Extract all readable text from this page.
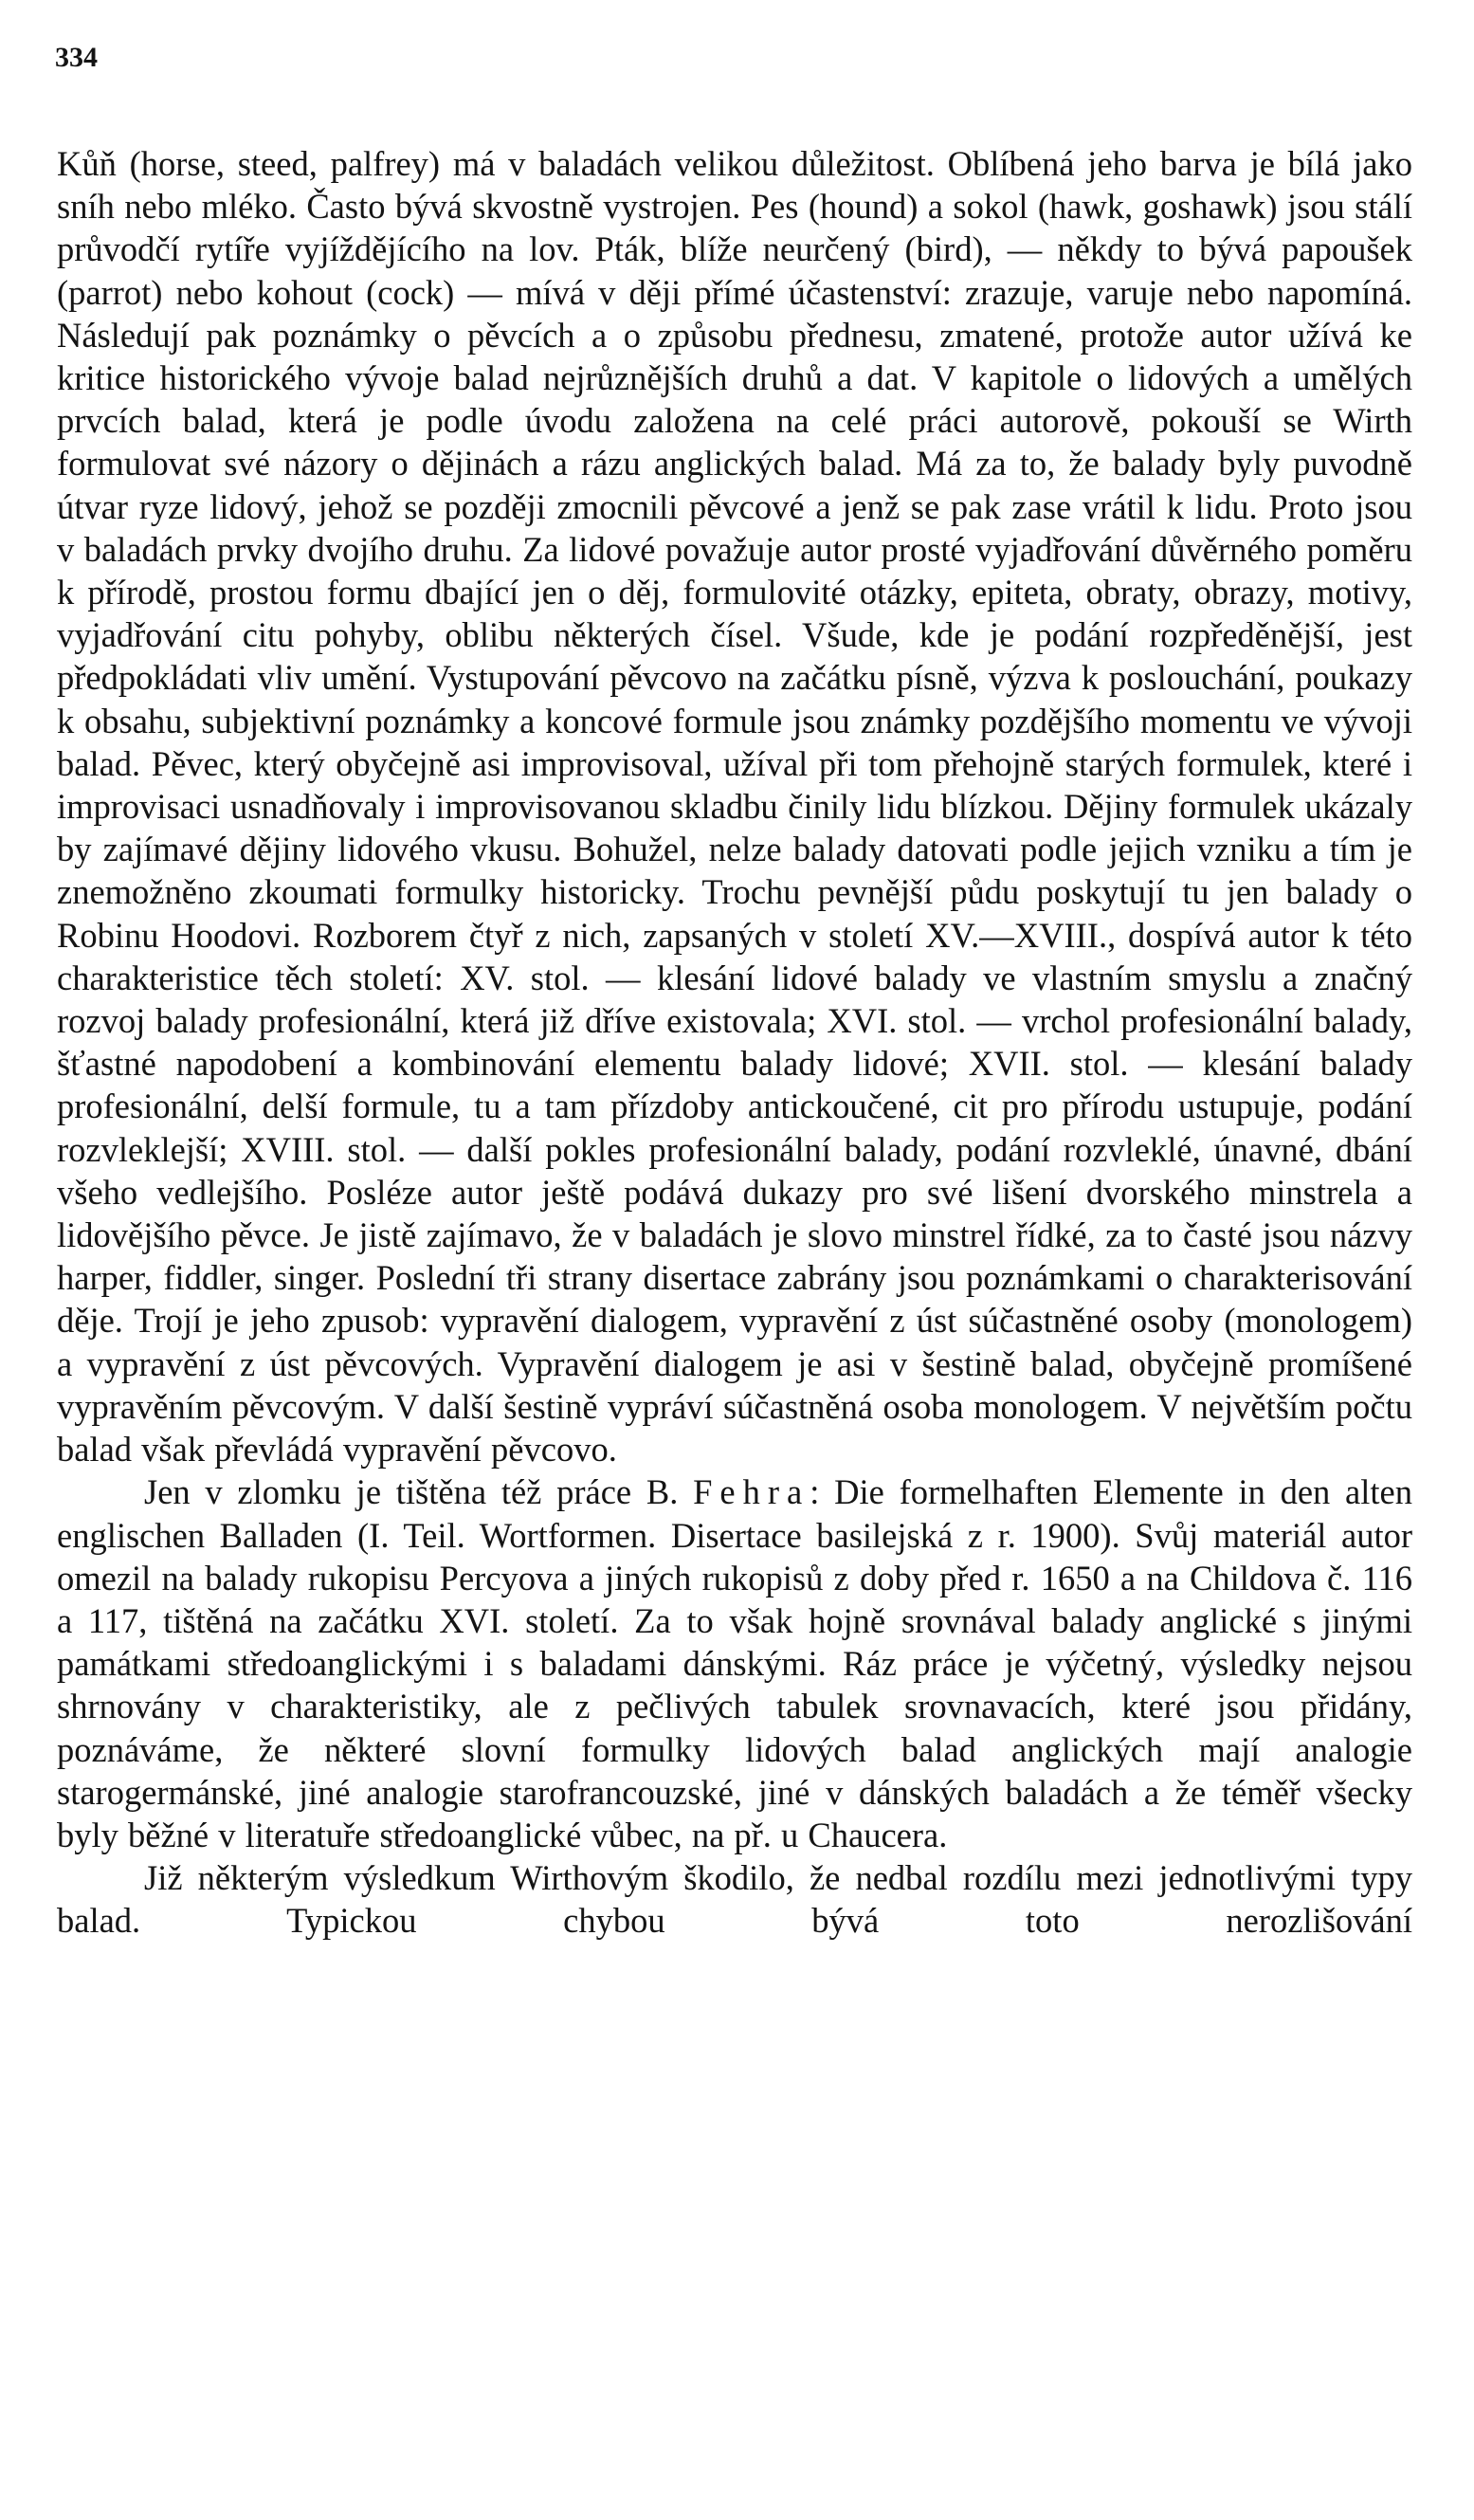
334

Kůň (horse, steed, palfrey) má v baladách velikou důležitost. Oblíbená jeho barva je bílá jako sníh nebo mléko. Často bývá skvostně vystrojen. Pes (hound) a sokol (hawk, goshawk) jsou stálí průvodčí rytíře vyjíždějícího na lov. Pták, blíže neurčený (bird), — někdy to bývá papoušek (parrot) nebo kohout (cock) — mívá v ději přímé účastenství: zrazuje, varuje nebo napomíná. Následují pak poznámky o pěvcích a o způsobu přednesu, zmatené, protože autor užívá ke kritice historického vývoje balad nejrůznějších druhů a dat. V kapitole o lidových a umělých prvcích balad, která je podle úvodu založena na celé práci autorově, pokouší se Wirth formulovat své názory o dějinách a rázu anglických balad. Má za to, že balady byly puvodně útvar ryze lidový, jehož se později zmocnili pěvcové a jenž se pak zase vrátil k lidu. Proto jsou v baladách prvky dvojího druhu. Za lidové považuje autor prosté vyjadřování důvěrného poměru k přírodě, prostou formu dbající jen o děj, formulovité otázky, epiteta, obraty, obrazy, motivy, vyjadřování citu pohyby, oblibu některých čísel. Všude, kde je podání rozpředěnější, jest předpokládati vliv umění. Vystupování pěvcovo na začátku písně, výzva k poslouchání, poukazy k obsahu, subjektivní poznámky a koncové formule jsou známky pozdějšího momentu ve vývoji balad. Pěvec, který obyčejně asi improvisoval, užíval při tom přehojně starých formulek, které i improvisaci usnadňovaly i improvisovanou skladbu činily lidu blízkou. Dějiny formulek ukázaly by zajímavé dějiny lidového vkusu. Bohužel, nelze balady datovati podle jejich vzniku a tím je znemožněno zkoumati formulky historicky. Trochu pevnější půdu poskytují tu jen balady o Robinu Hoodovi. Rozborem čtyř z nich, zapsaných v století XV.—XVIII., dospívá autor k této charakteristice těch století: XV. stol. — klesání lidové balady ve vlastním smyslu a značný rozvoj balady profesionální, která již dříve existovala; XVI. stol. — vrchol profesionální balady, šťastné napodobení a kombinování elementu balady lidové; XVII. stol. — klesání balady profesionální, delší formule, tu a tam přízdoby antickoučené, cit pro přírodu ustupuje, podání rozvleklejší; XVIII. stol. — další pokles profesionální balady, podání rozvleklé, únavné, dbání všeho vedlejšího. Posléze autor ještě podává dukazy pro své lišení dvorského minstrela a lidovějšího pěvce. Je jistě zajímavo, že v baladách je slovo minstrel řídké, za to časté jsou názvy harper, fiddler, singer. Poslední tři strany disertace zabrány jsou poznámkami o charakterisování děje. Trojí je jeho zpusob: vypravění dialogem, vypravění z úst súčastněné osoby (monologem) a vypravění z úst pěvcových. Vypravění dialogem je asi v šestině balad, obyčejně promíšené vypravěním pěvcovým. V další šestině vypráví súčastněná osoba monologem. V největším počtu balad však převládá vypravění pěvcovo.

Jen v zlomku je tištěna též práce B. Fehra: Die formelhaften Elemente in den alten englischen Balladen (I. Teil. Wortformen. Disertace basilejská z r. 1900). Svůj materiál autor omezil na balady rukopisu Percyova a jiných rukopisů z doby před r. 1650 a na Childova č. 116 a 117, tištěná na začátku XVI. století. Za to však hojně srovnával balady anglické s jinými památkami středoanglickými i s baladami dánskými. Ráz práce je výčetný, výsledky nejsou shrnovány v charakteristiky, ale z pečlivých tabulek srovnavacích, které jsou přidány, poznáváme, že některé slovní formulky lidových balad anglických mají analogie starogermánské, jiné analogie starofrancouzské, jiné v dánských baladách a že téměř všecky byly běžné v literatuře středoanglické vůbec, na př. u Chaucera.

Již některým výsledkum Wirthovým škodilo, že nedbal rozdílu mezi jednotlivými typy balad. Typickou chybou bývá toto nerozlišování
